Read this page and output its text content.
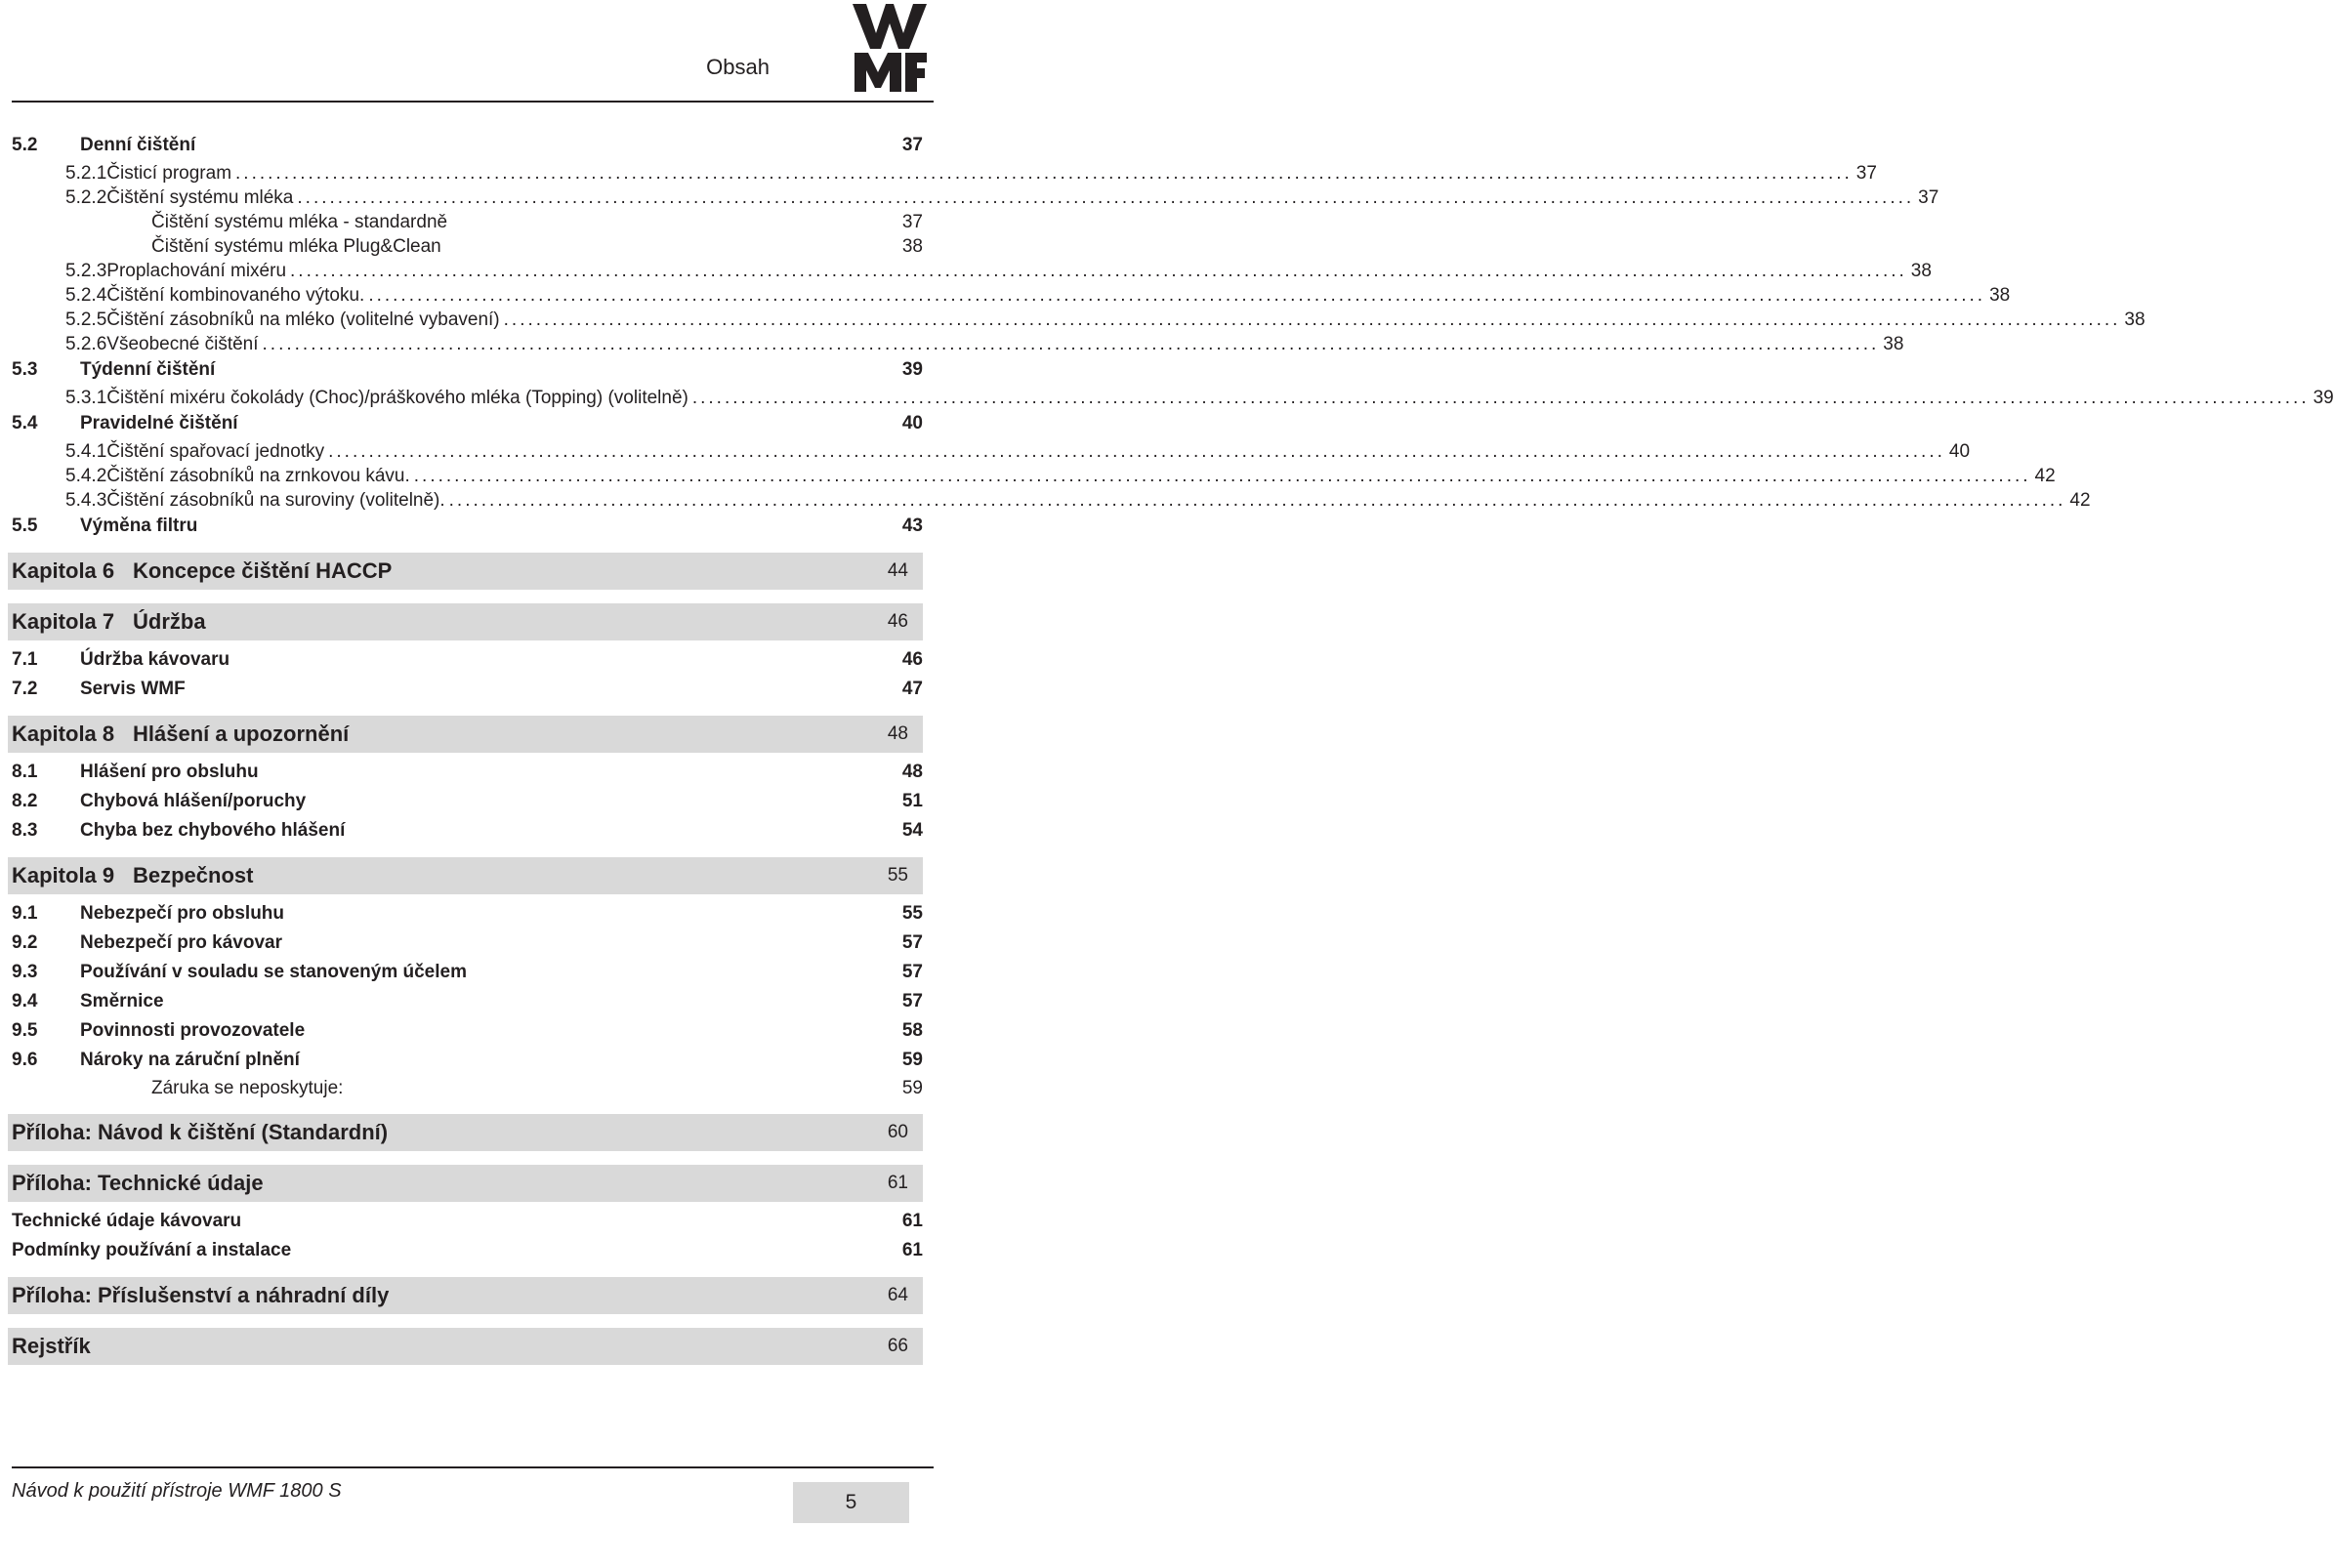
Obsah
5.2	Denní čištění	37
5.2.1 Čisticí program ........................................................................................................................................................................................................ 37
5.2.2 Čištění systému mléka ........................................................................................................................................................................................................ 37
Čištění systému mléka - standardně	37
Čištění systému mléka Plug&Clean	38
5.2.3 Proplachování mixéru ........................................................................................................................................................................................................ 38
5.2.4 Čištění kombinovaného výtoku. ........................................................................................................................................................................................................ 38
5.2.5 Čištění zásobníků na mléko (volitelné vybavení) ........................................................................................................................................................................................................ 38
5.2.6 Všeobecné čištění ........................................................................................................................................................................................................ 38
5.3	Týdenní čištění	39
5.3.1 Čištění mixéru čokolády (Choc)/práškového mléka (Topping) (volitelně) ........................................................................................................................................................................................................ 39
5.4	Pravidelné čištění	40
5.4.1 Čištění spařovací jednotky ........................................................................................................................................................................................................ 40
5.4.2 Čištění zásobníků na zrnkovou kávu. ........................................................................................................................................................................................................ 42
5.4.3 Čištění zásobníků na suroviny (volitelně). ........................................................................................................................................................................................................ 42
5.5	Výměna filtru	43
Kapitola 6 Koncepce čištění HACCP	44
Kapitola 7 Údržba	46
7.1	Údržba kávovaru	46
7.2	Servis WMF	47
Kapitola 8 Hlášení a upozornění	48
8.1	Hlášení pro obsluhu	48
8.2	Chybová hlášení/poruchy	51
8.3	Chyba bez chybového hlášení	54
Kapitola 9 Bezpečnost	55
9.1	Nebezpečí pro obsluhu	55
9.2	Nebezpečí pro kávovar	57
9.3	Používání v souladu se stanoveným účelem	57
9.4	Směrnice	57
9.5	Povinnosti provozovatele	58
9.6	Nároky na záruční plnění	59
Záruka se neposkytuje:	59
Příloha: Návod k čištění (Standardní)	60
Příloha: Technické údaje	61
Technické údaje kávovaru	61
Podmínky používání a instalace	61
Příloha: Příslušenství a náhradní díly	64
Rejstřík	66
Návod k použití přístroje WMF 1800 S	5
